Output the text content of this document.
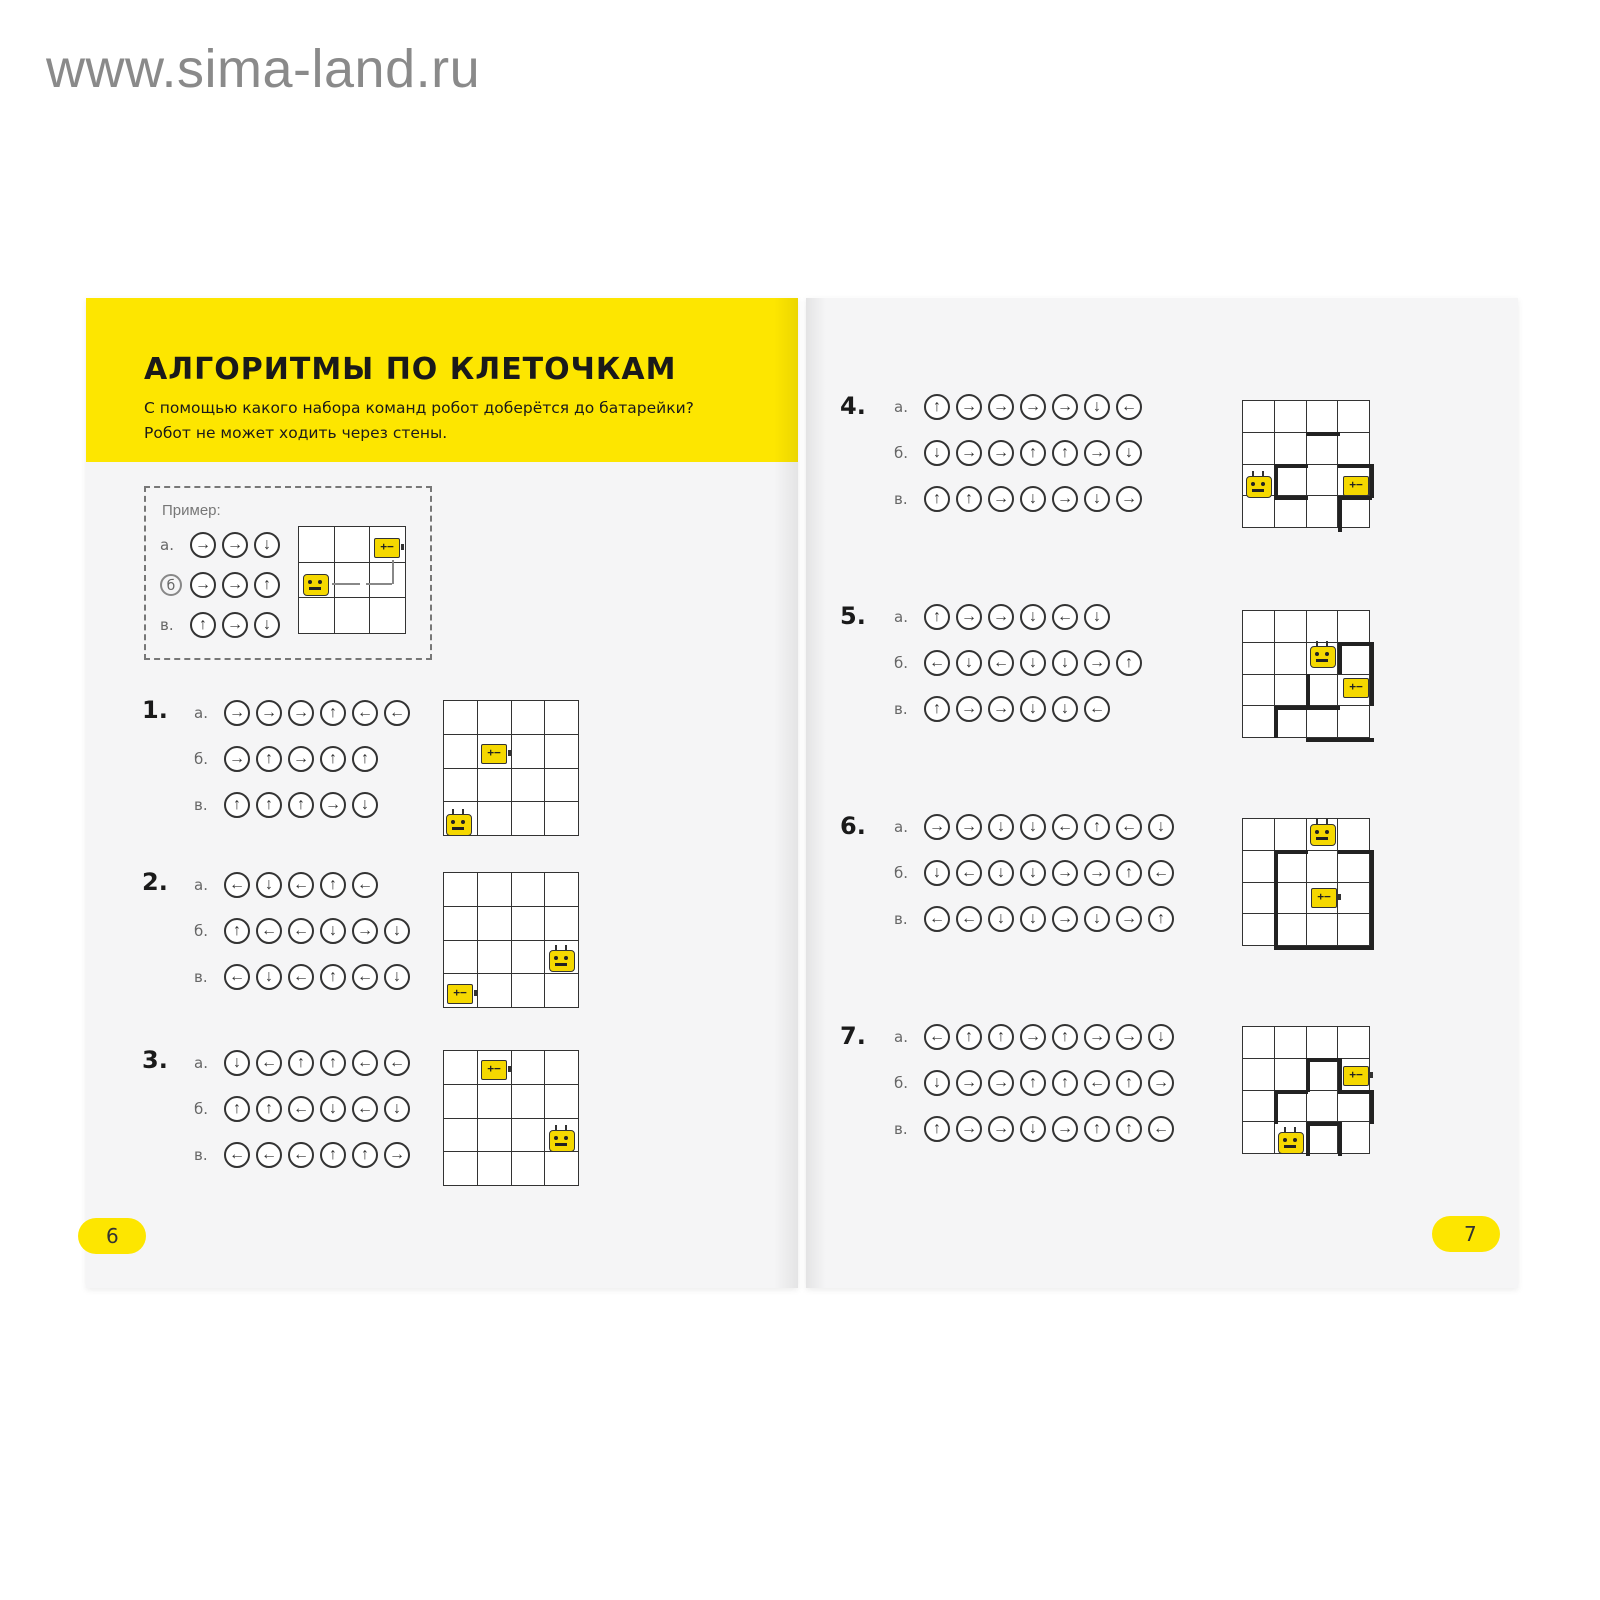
www.sima-land.ru
АЛГОРИТМЫ ПО КЛЕТОЧКАМ
С помощью какого набора команд робот доберётся до батарейки?
Робот не может ходить через стены.
Пример:
а.	→	→	↓
б	→	→	↑
в.	↑	→	↓

+−
1. а.	→	→	→	↑	←	←
б.	→	↑	→	↑	↑
в.	↑	↑	↑	→	↓
2. а.	←	↓	←	↑	←
б.	↑	←	←	↓	→	↓
в.	←	↓	←	↑	←	↓
3. а.	↓	←	↑	↑	←	←
б.	↑	↑	←	↓	←	↓
в.	←	←	←	↑	↑	→

+−

+−

+−
6
4. а.	↑	→	→	→	→	↓	←
б.	↓	→	→	↑	↑	→	↓
в.	↑	↑	→	↓	→	↓	→
5. а.	↑	→	→	↓	←	↓
б.	←	↓	←	↓	↓	→	↑
в.	↑	→	→	↓	↓	←
6. а.	→	→	↓	↓	←	↑	←	↓
б.	↓	←	↓	↓	→	→	↑	←
в.	←	←	↓	↓	→	↓	→	↑
7. а.	←	↑	↑	→	↑	→	→	↓
б.	↓	→	→	↑	↑	←	↑	→
в.	↑	→	→	↓	→	↑	↑	←

+−

+−

+−

+−
7
